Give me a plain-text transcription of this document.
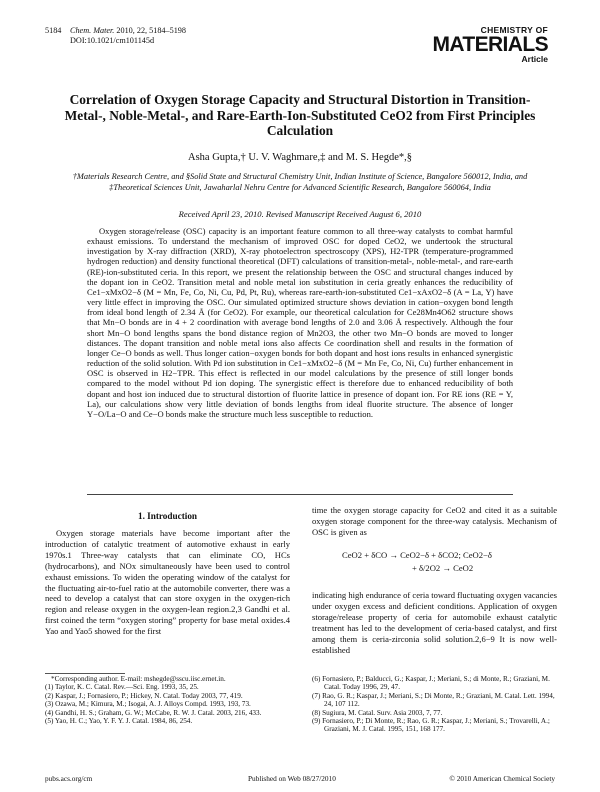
5184 Chem. Mater. 2010, 22, 5184–5198
DOI:10.1021/cm101145d
CHEMISTRY OF
MATERIALS
Article
Correlation of Oxygen Storage Capacity and Structural Distortion in Transition-Metal-, Noble-Metal-, and Rare-Earth-Ion-Substituted CeO2 from First Principles Calculation
Asha Gupta,† U. V. Waghmare,‡ and M. S. Hegde*,§
†Materials Research Centre, and §Solid State and Structural Chemistry Unit, Indian Institute of Science, Bangalore 560012, India, and ‡Theoretical Sciences Unit, Jawaharlal Nehru Centre for Advanced Scientific Research, Bangalore 560064, India
Received April 23, 2010. Revised Manuscript Received August 6, 2010

Oxygen storage/release (OSC) capacity is an important feature common to all three-way catalysts to combat harmful exhaust emissions. To understand the mechanism of improved OSC for doped CeO2, we undertook the structural investigation by X-ray diffraction (XRD), X-ray photoelectron spectroscopy (XPS), H2-TPR (temperature-programmed hydrogen reduction) and density functional theoretical (DFT) calculations of transition-metal-, noble-metal-, and rare-earth (RE)-ion-substituted ceria. In this report, we present the relationship between the OSC and structural changes induced by the dopant ion in CeO2. Transition metal and noble metal ion substitution in ceria greatly enhances the reducibility of Ce1−xMxO2−δ (M = Mn, Fe, Co, Ni, Cu, Pd, Pt, Ru), whereas rare-earth-ion-substituted Ce1−xAxO2−δ (A = La, Y) have very little effect in improving the OSC. Our simulated optimized structure shows deviation in cation−oxygen bond length from ideal bond length of 2.34 Å (for CeO2). For example, our theoretical calculation for Ce28Mn4O62 structure shows that Mn−O bonds are in 4 + 2 coordination with average bond lengths of 2.0 and 3.06 Å respectively. Although the four short Mn−O bond lengths spans the bond distance region of Mn2O3, the other two Mn−O bonds are moved to longer distances. The dopant transition and noble metal ions also affects Ce coordination shell and results in the formation of longer Ce−O bonds as well. Thus longer cation−oxygen bonds for both dopant and host ions results in enhanced synergistic reduction of the solid solution. With Pd ion substitution in Ce1−xMxO2−δ (M = Mn Fe, Co, Ni, Cu) further enhancement in OSC is observed in H2−TPR. This effect is reflected in our model calculations by the presence of still longer bonds compared to the model without Pd ion doping. The synergistic effect is therefore due to enhanced reducibility of both dopant and host ion induced due to structural distortion of fluorite lattice in presence of dopant ion. For RE ions (RE = Y, La), our calculations show very little deviation of bonds lengths from ideal fluorite structure. The absence of longer Y−O/La−O and Ce−O bonds make the structure much less susceptible to reduction.

1. Introduction

Oxygen storage materials have become important after the introduction of catalytic treatment of automotive exhaust in early 1970s.1 Three-way catalysts that can eliminate CO, HCs (hydrocarbons), and NOx simultaneously have been used to control exhaust emissions. To widen the operating window of the catalyst for the fluctuating air-to-fuel ratio at the automobile converter, there was a need to develop a catalyst that can store oxygen in the oxygen-rich region and release oxygen in the oxygen-lean region.2,3 Gandhi et al. first coined the term “oxygen storing” property for base metal oxides.4 Yao and Yao5 showed for the first

time the oxygen storage capacity for CeO2 and cited it as a suitable oxygen storage component for the three-way catalysis. Mechanism of OSC is given as

CeO2 + δCO → CeO2−δ + δCO2; CeO2−δ
+ δ/2O2 → CeO2

indicating high endurance of ceria toward fluctuating oxygen vacancies under oxygen excess and deficient conditions. Application of oxygen storage/release property of ceria for automobile exhaust catalytic treatment has led to the development of ceria-based catalyst, and first among them is ceria-zirconia solid solution.2,6−9 It is now well-established

*Corresponding author. E-mail: mshegde@sscu.iisc.ernet.in.
(1) Taylor, K. C. Catal. Rev.—Sci. Eng. 1993, 35, 25.
(2) Kaspar, J.; Fornasiero, P.; Hickey, N. Catal. Today 2003, 77, 419.
(3) Ozawa, M.; Kimura, M.; Isogai, A. J. Alloys Compd. 1993, 193, 73.
(4) Gandhi, H. S.; Graham, G. W.; McCabe, R. W. J. Catal. 2003, 216, 433.
(5) Yao, H. C.; Yao, Y. F. Y. J. Catal. 1984, 86, 254.
(6) Fornasiero, P.; Balducci, G.; Kaspar, J.; Meriani, S.; di Monte, R.; Graziani, M. Catal. Today 1996, 29, 47.
(7) Rao, G. R.; Kaspar, J.; Meriani, S.; Di Monte, R.; Graziani, M. Catal. Lett. 1994, 24, 107 112.
(8) Sugiura, M. Catal. Surv. Asia 2003, 7, 77.
(9) Fornasiero, P.; Di Monte, R.; Rao, G. R.; Kaspar, J.; Meriani, S.; Trovarelli, A.; Graziani, M. J. Catal. 1995, 151, 168 177.
pubs.acs.org/cm	Published on Web 08/27/2010	© 2010 American Chemical Society
